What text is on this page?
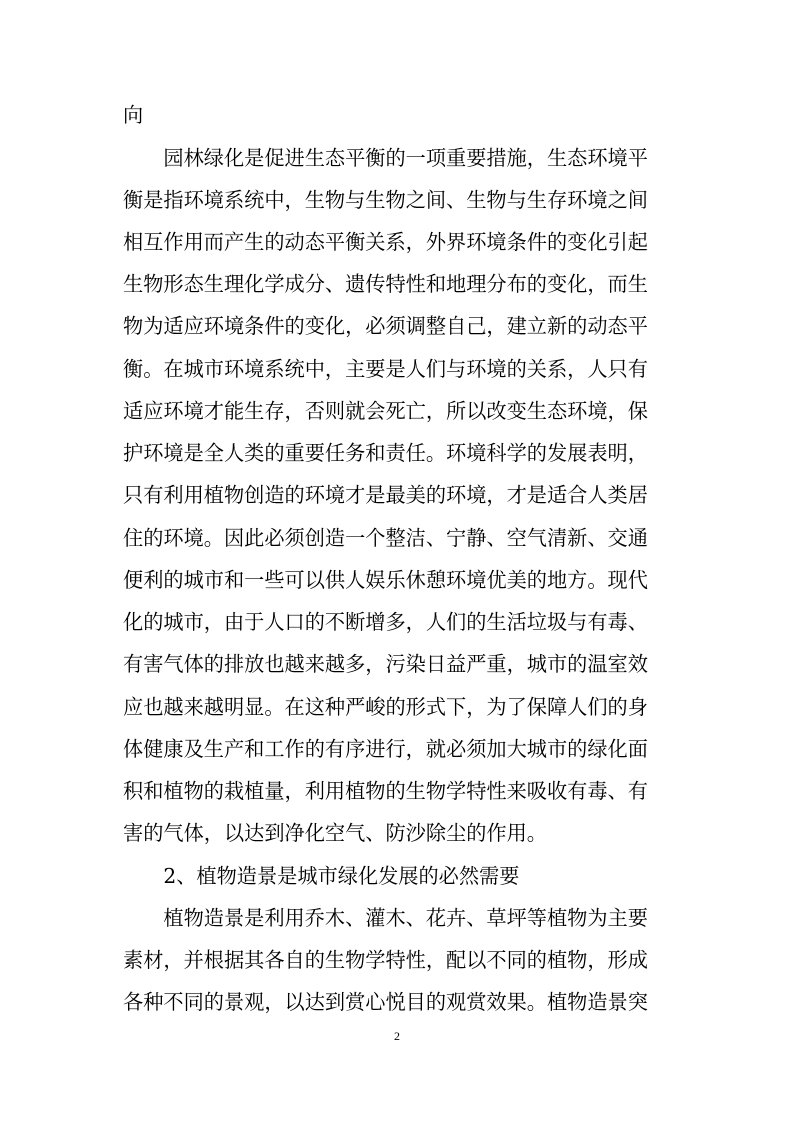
向
　　园林绿化是促进生态平衡的一项重要措施，生态环境平
衡是指环境系统中，生物与生物之间、生物与生存环境之间
相互作用而产生的动态平衡关系，外界环境条件的变化引起
生物形态生理化学成分、遗传特性和地理分布的变化，而生
物为适应环境条件的变化，必须调整自己，建立新的动态平
衡。在城市环境系统中，主要是人们与环境的关系，人只有
适应环境才能生存，否则就会死亡，所以改变生态环境，保
护环境是全人类的重要任务和责任。环境科学的发展表明，
只有利用植物创造的环境才是最美的环境，才是适合人类居
住的环境。因此必须创造一个整洁、宁静、空气清新、交通
便利的城市和一些可以供人娱乐休憩环境优美的地方。现代
化的城市，由于人口的不断增多，人们的生活垃圾与有毒、
有害气体的排放也越来越多，污染日益严重，城市的温室效
应也越来越明显。在这种严峻的形式下，为了保障人们的身
体健康及生产和工作的有序进行，就必须加大城市的绿化面
积和植物的栽植量，利用植物的生物学特性来吸收有毒、有
害的气体，以达到净化空气、防沙除尘的作用。
　　2、植物造景是城市绿化发展的必然需要
　　植物造景是利用乔木、灌木、花卉、草坪等植物为主要
素材，并根据其各自的生物学特性，配以不同的植物，形成
各种不同的景观，以达到赏心悦目的观赏效果。植物造景突
2
